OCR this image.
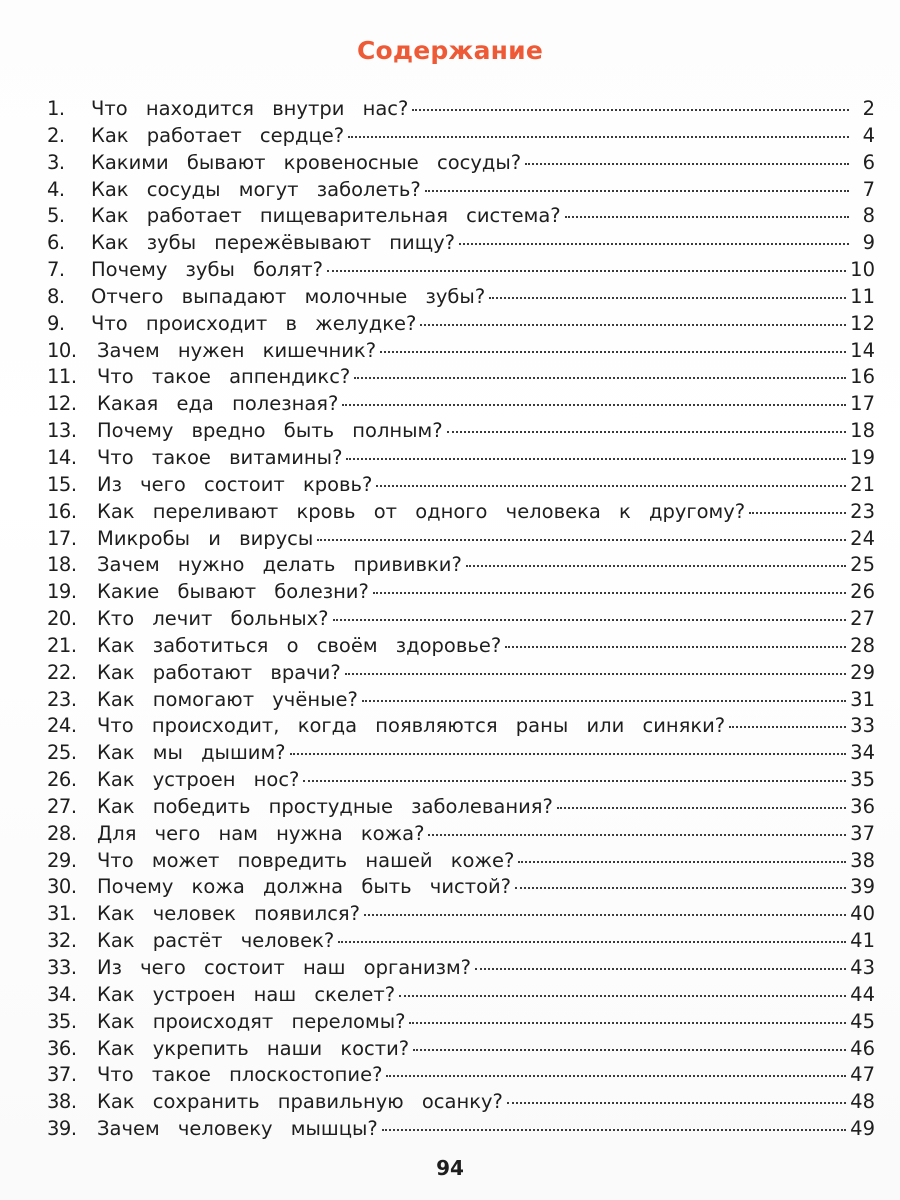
Содержание
1.	Что находится внутри нас?	2
2.	Как работает сердце?	4
3.	Какими бывают кровеносные сосуды?	6
4.	Как сосуды могут заболеть?	7
5.	Как работает пищеварительная система?	8
6.	Как зубы пережёвывают пищу?	9
7.	Почему зубы болят?	10
8.	Отчего выпадают молочные зубы?	11
9.	Что происходит в желудке?	12
10.	Зачем нужен кишечник?	14
11.	Что такое аппендикс?	16
12.	Какая еда полезная?	17
13.	Почему вредно быть полным?	18
14.	Что такое витамины?	19
15.	Из чего состоит кровь?	21
16.	Как переливают кровь от одного человека к другому?	23
17.	Микробы и вирусы	24
18.	Зачем нужно делать прививки?	25
19.	Какие бывают болезни?	26
20.	Кто лечит больных?	27
21.	Как заботиться о своём здоровье?	28
22.	Как работают врачи?	29
23.	Как помогают учёные?	31
24.	Что происходит, когда появляются раны или синяки?	33
25.	Как мы дышим?	34
26.	Как устроен нос?	35
27.	Как победить простудные заболевания?	36
28.	Для чего нам нужна кожа?	37
29.	Что может повредить нашей коже?	38
30.	Почему кожа должна быть чистой?	39
31.	Как человек появился?	40
32.	Как растёт человек?	41
33.	Из чего состоит наш организм?	43
34.	Как устроен наш скелет?	44
35.	Как происходят переломы?	45
36.	Как укрепить наши кости?	46
37.	Что такое плоскостопие?	47
38.	Как сохранить правильную осанку?	48
39.	Зачем человеку мышцы?	49
94
